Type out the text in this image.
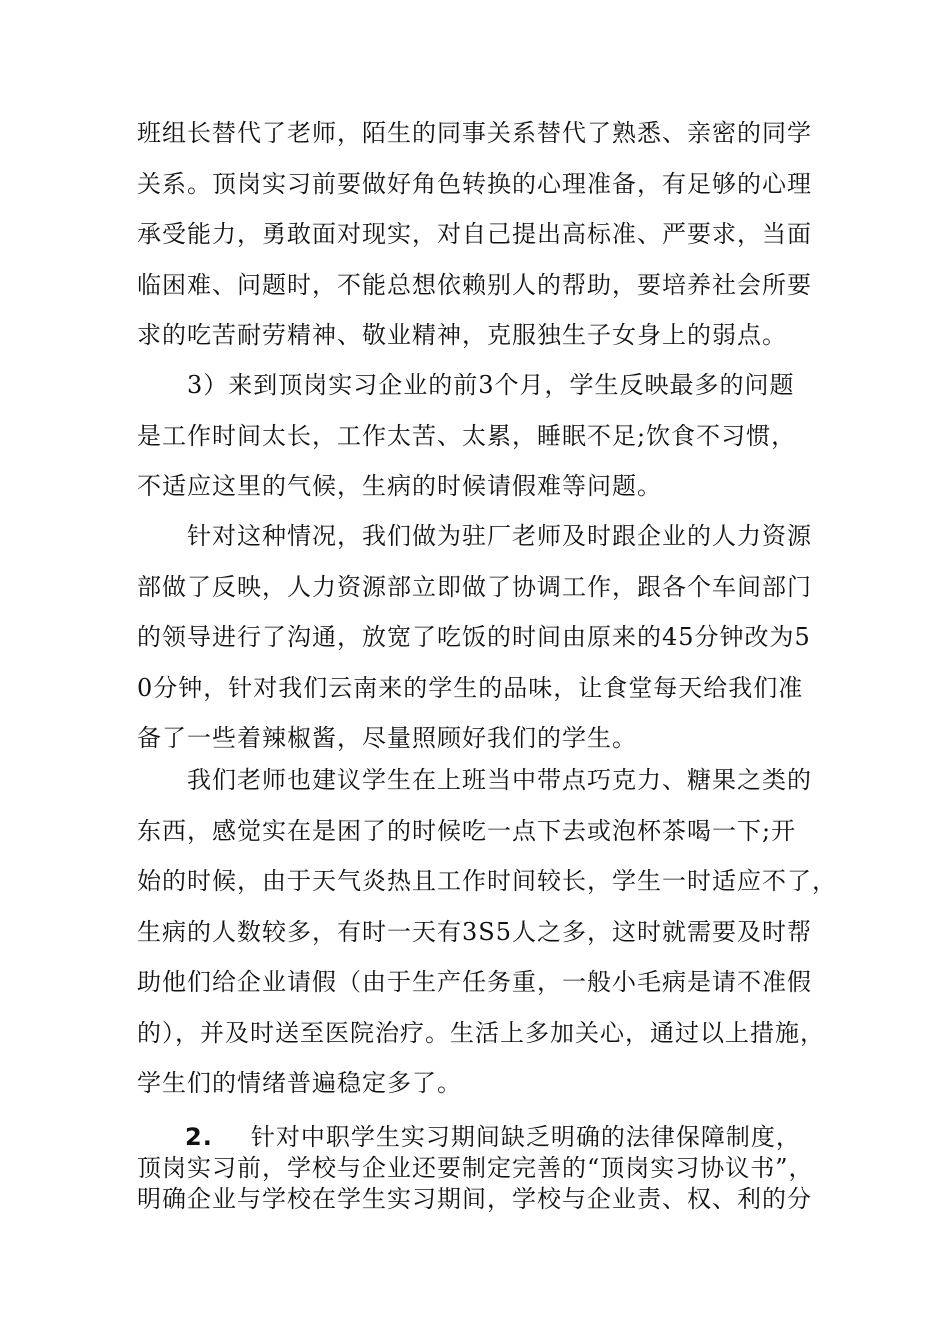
班组长替代了老师，陌生的同事关系替代了熟悉、亲密的同学

关系。顶岗实习前要做好角色转换的心理准备，有足够的心理

承受能力，勇敢面对现实，对自己提出高标准、严要求，当面

临困难、问题时，不能总想依赖别人的帮助，要培养社会所要

求的吃苦耐劳精神、敬业精神，克服独生子女身上的弱点。

　　3）来到顶岗实习企业的前3个月，学生反映最多的问题

是工作时间太长，工作太苦、太累，睡眠不足;饮食不习惯，

不适应这里的气候，生病的时候请假难等问题。

　　针对这种情况，我们做为驻厂老师及时跟企业的人力资源

部做了反映，人力资源部立即做了协调工作，跟各个车间部门

的领导进行了沟通，放宽了吃饭的时间由原来的45分钟改为5

0分钟，针对我们云南来的学生的品味，让食堂每天给我们准

备了一些着辣椒酱，尽量照顾好我们的学生。

　　我们老师也建议学生在上班当中带点巧克力、糖果之类的

东西，感觉实在是困了的时候吃一点下去或泡杯茶喝一下;开

始的时候，由于天气炎热且工作时间较长，学生一时适应不了，

生病的人数较多，有时一天有3S5人之多，这时就需要及时帮

助他们给企业请假（由于生产任务重，一般小毛病是请不准假

的），并及时送至医院治疗。生活上多加关心，通过以上措施，

学生们的情绪普遍稳定多了。

2. 针对中职学生实习期间缺乏明确的法律保障制度，

顶岗实习前，学校与企业还要制定完善的“顶岗实习协议书”，

明确企业与学校在学生实习期间，学校与企业责、权、利的分
